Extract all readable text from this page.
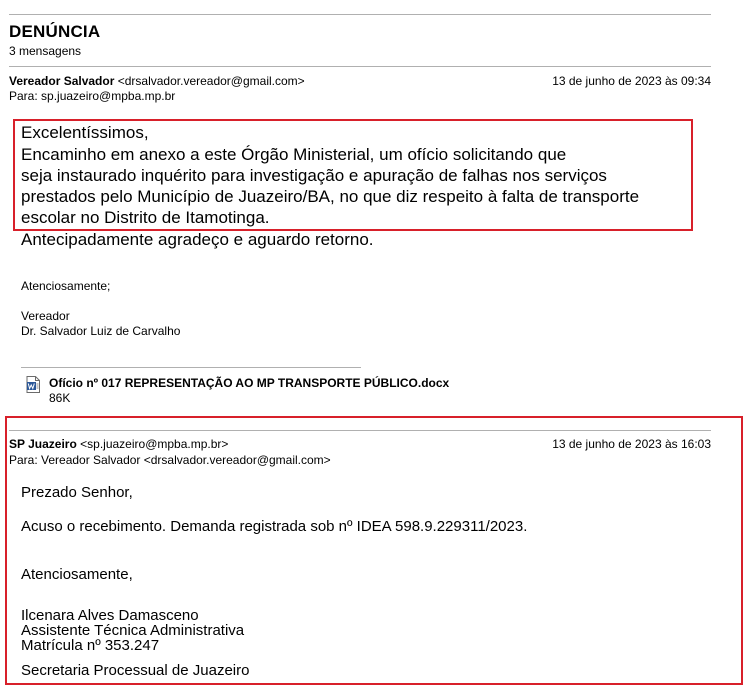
DENÚNCIA
3 mensagens
Vereador Salvador <drsalvador.vereador@gmail.com>	13 de junho de 2023 às 09:34
Para: sp.juazeiro@mpba.mp.br
Excelentíssimos,
Encaminho em anexo a este Órgão Ministerial, um ofício solicitando que
seja instaurado inquérito para investigação e apuração de falhas nos serviços
prestados pelo Município de Juazeiro/BA, no que diz respeito à falta de transporte
escolar no Distrito de Itamotinga.
Antecipadamente agradeço e aguardo retorno.
Atenciosamente;
Vereador
Dr. Salvador Luiz de Carvalho
Ofício nº 017 REPRESENTAÇÃO AO MP TRANSPORTE PÚBLICO.docx
86K
SP Juazeiro <sp.juazeiro@mpba.mp.br>	13 de junho de 2023 às 16:03
Para: Vereador Salvador <drsalvador.vereador@gmail.com>
Prezado Senhor,
Acuso o recebimento. Demanda registrada sob nº IDEA 598.9.229311/2023.
Atenciosamente,
Ilcenara Alves Damasceno
Assistente Técnica Administrativa
Matrícula nº 353.247
Secretaria Processual de Juazeiro
